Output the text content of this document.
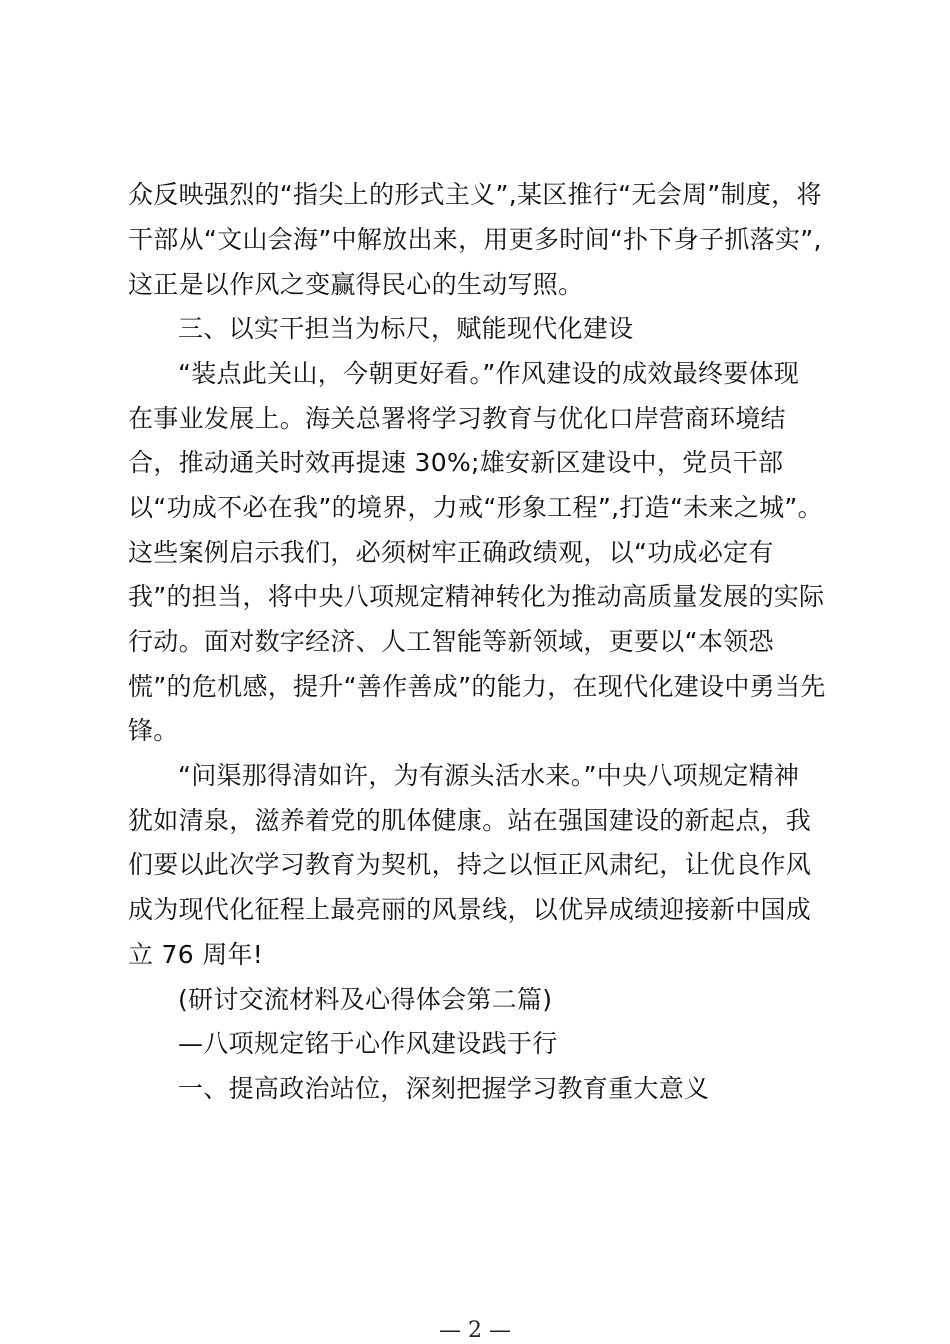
众反映强烈的“指尖上的形式主义”,某区推行“无会周”制度，将
干部从“文山会海”中解放出来，用更多时间“扑下身子抓落实”,
这正是以作风之变赢得民心的生动写照。
三、以实干担当为标尺，赋能现代化建设
“装点此关山，今朝更好看。”作风建设的成效最终要体现
在事业发展上。海关总署将学习教育与优化口岸营商环境结
合，推动通关时效再提速 30%;雄安新区建设中，党员干部
以“功成不必在我”的境界，力戒“形象工程”,打造“未来之城”。
这些案例启示我们，必须树牢正确政绩观，以“功成必定有
我”的担当，将中央八项规定精神转化为推动高质量发展的实际
行动。面对数字经济、人工智能等新领域，更要以“本领恐
慌”的危机感，提升“善作善成”的能力，在现代化建设中勇当先
锋。
“问渠那得清如许，为有源头活水来。”中央八项规定精神
犹如清泉，滋养着党的肌体健康。站在强国建设的新起点，我
们要以此次学习教育为契机，持之以恒正风肃纪，让优良作风
成为现代化征程上最亮丽的风景线，以优异成绩迎接新中国成
立 76 周年!
(研讨交流材料及心得体会第二篇)
—八项规定铭于心作风建设践于行
一、提高政治站位，深刻把握学习教育重大意义
— 2 —
